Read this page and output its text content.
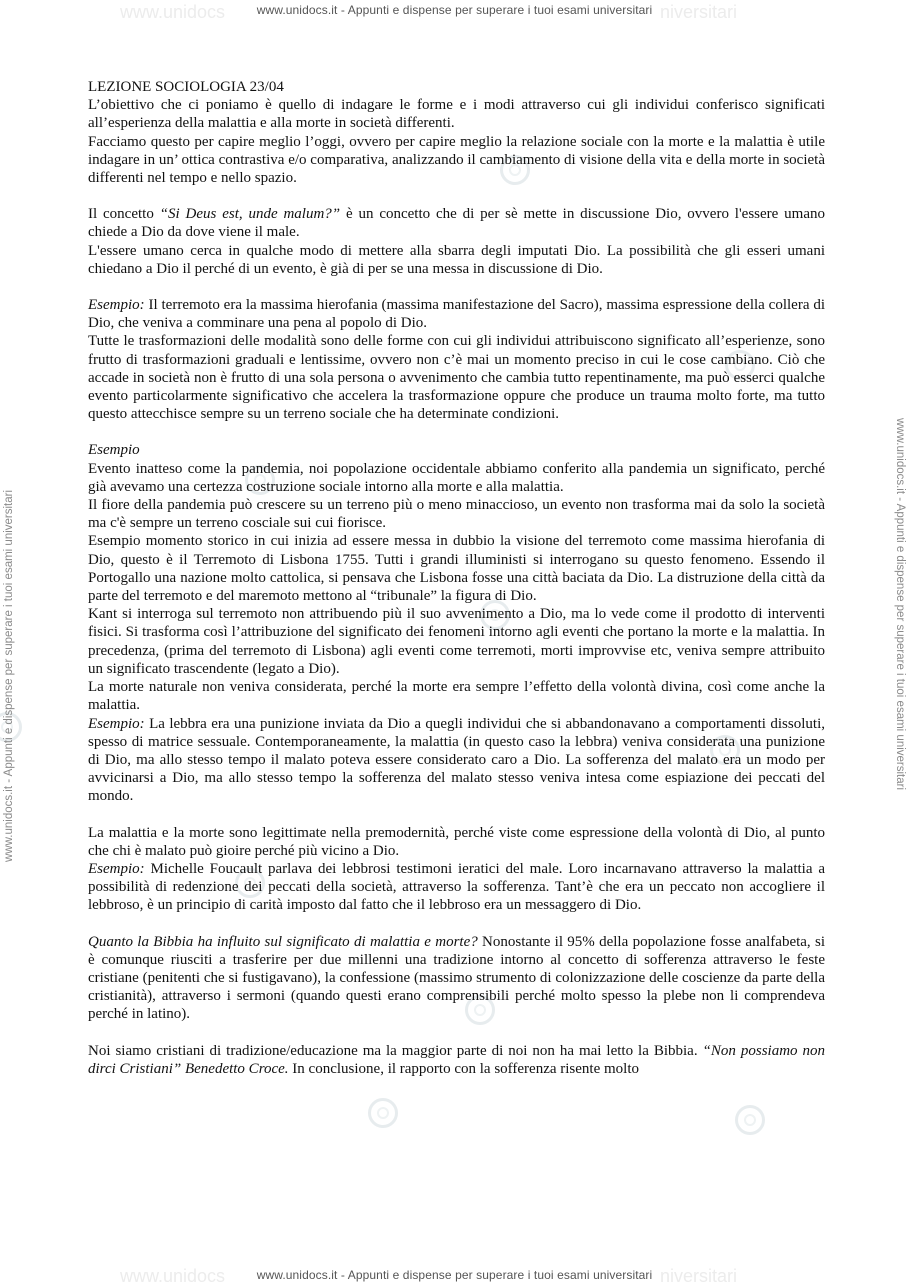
www.unidocs	niversitari
www.unidocs	niversitari
www.unidocs.it - Appunti e dispense per superare i tuoi esami universitari	www.unidocs.it - Appunti e dispense per superare i tuoi esami universitari
www.unidocs.it - Appunti e dispense per superare i tuoi esami universitari

LEZIONE SOCIOLOGIA 23/04

L’obiettivo che ci poniamo è quello di indagare le forme e i modi attraverso cui gli individui conferisco significati all’esperienza della malattia e alla morte in società differenti.

Facciamo questo per capire meglio l’oggi, ovvero per capire meglio la relazione sociale con la morte e la malattia è utile indagare in un’ ottica contrastiva e/o comparativa, analizzando il cambiamento di visione della vita e della morte in società differenti nel tempo e nello spazio.

Il concetto “Si Deus est, unde malum?” è un concetto che di per sè mette in discussione Dio, ovvero l'essere umano chiede a Dio da dove viene il male.

L'essere umano cerca in qualche modo di mettere alla sbarra degli imputati Dio. La possibilità che gli esseri umani chiedano a Dio il perché di un evento, è già di per se una messa in discussione di Dio.

Esempio: Il terremoto era la massima hierofania (massima manifestazione del Sacro), massima espressione della collera di Dio, che veniva a comminare una pena al popolo di Dio.

Tutte le trasformazioni delle modalità sono delle forme con cui gli individui attribuiscono significato all’esperienze, sono frutto di trasformazioni graduali e lentissime, ovvero non c’è mai un momento preciso in cui le cose cambiano. Ciò che accade in società non è frutto di una sola persona o avvenimento che cambia tutto repentinamente, ma può esserci qualche evento particolarmente significativo che accelera la trasformazione oppure che produce un trauma molto forte, ma tutto questo attecchisce sempre su un terreno sociale che ha determinate condizioni.

Esempio

Evento inatteso come la pandemia, noi popolazione occidentale abbiamo conferito alla pandemia un significato, perché già avevamo una certezza costruzione sociale intorno alla morte e alla malattia.

Il fiore della pandemia può crescere su un terreno più o meno minaccioso, un evento non trasforma mai da solo la società ma c'è sempre un terreno cosciale sui cui fiorisce.

Esempio momento storico in cui inizia ad essere messa in dubbio la visione del terremoto come massima hierofania di Dio, questo è il Terremoto di Lisbona 1755. Tutti i grandi illuministi si interrogano su questo fenomeno. Essendo il Portogallo una nazione molto cattolica, si pensava che Lisbona fosse una città baciata da Dio. La distruzione della città da parte del terremoto e del maremoto mettono al “tribunale” la figura di Dio.

Kant si interroga sul terremoto non attribuendo più il suo avvenimento a Dio, ma lo vede come il prodotto di interventi fisici. Si trasforma così l’attribuzione del significato dei fenomeni intorno agli eventi che portano la morte e la malattia. In precedenza, (prima del terremoto di Lisbona) agli eventi come terremoti, morti improvvise etc, veniva sempre attribuito un significato trascendente (legato a Dio).

La morte naturale non veniva considerata, perché la morte era sempre l’effetto della volontà divina, così come anche la malattia.

Esempio: La lebbra era una punizione inviata da Dio a quegli individui che si abbandonavano a comportamenti dissoluti, spesso di matrice sessuale. Contemporaneamente, la malattia (in questo caso la lebbra) veniva considerata una punizione di Dio, ma allo stesso tempo il malato poteva essere considerato caro a Dio. La sofferenza del malato era un modo per avvicinarsi a Dio, ma allo stesso tempo la sofferenza del malato stesso veniva intesa come espiazione dei peccati del mondo.

La malattia e la morte sono legittimate nella premodernità, perché viste come espressione della volontà di Dio, al punto che chi è malato può gioire perché più vicino a Dio.

Esempio: Michelle Foucault parlava dei lebbrosi testimoni ieratici del male. Loro incarnavano attraverso la malattia a possibilità di redenzione dei peccati della società, attraverso la sofferenza. Tant’è che era un peccato non accogliere il lebbroso, è un principio di carità imposto dal fatto che il lebbroso era un messaggero di Dio.

Quanto la Bibbia ha influito sul significato di malattia e morte? Nonostante il 95% della popolazione fosse analfabeta, si è comunque riusciti a trasferire per due millenni una tradizione intorno al concetto di sofferenza attraverso le feste cristiane (penitenti che si fustigavano), la confessione (massimo strumento di colonizzazione delle coscienze da parte della cristianità), attraverso i sermoni (quando questi erano comprensibili perché molto spesso la plebe non li comprendeva perché in latino).

Noi siamo cristiani di tradizione/educazione ma la maggior parte di noi non ha mai letto la Bibbia. “Non possiamo non dirci Cristiani” Benedetto Croce. In conclusione, il rapporto con la sofferenza risente molto

www.unidocs.it - Appunti e dispense per superare i tuoi esami universitari
